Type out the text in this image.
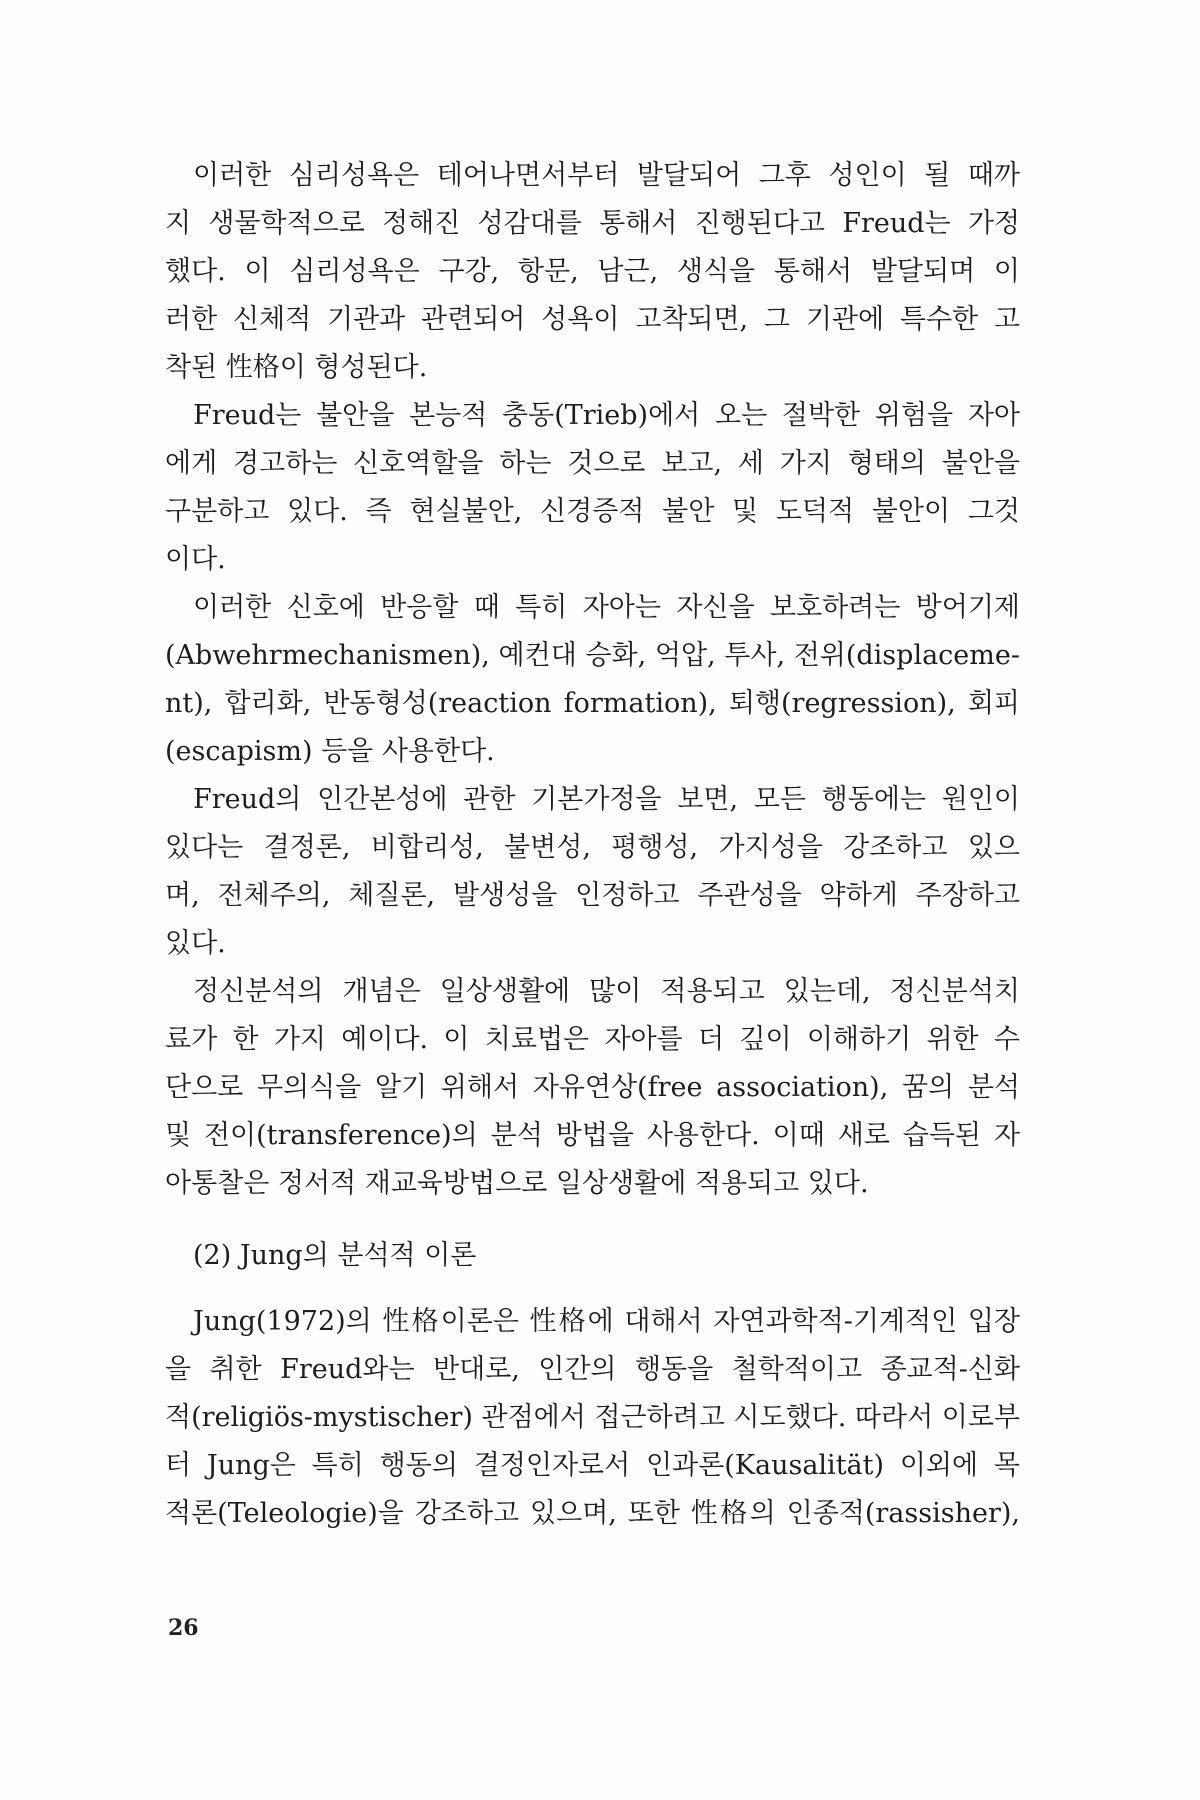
이러한 심리성욕은 테어나면서부터 발달되어 그후 성인이 될 때까
지 생물학적으로 정해진 성감대를 통해서 진행된다고 Freud는 가정
했다. 이 심리성욕은 구강, 항문, 남근, 생식을 통해서 발달되며 이
러한 신체적 기관과 관련되어 성욕이 고착되면, 그 기관에 특수한 고
착된 性格이 형성된다.
Freud는 불안을 본능적 충동(Trieb)에서 오는 절박한 위험을 자아
에게 경고하는 신호역할을 하는 것으로 보고, 세 가지 형태의 불안을
구분하고 있다. 즉 현실불안, 신경증적 불안 및 도덕적 불안이 그것
이다.
이러한 신호에 반응할 때 특히 자아는 자신을 보호하려는 방어기제
(Abwehrmechanismen), 예컨대 승화, 억압, 투사, 전위(displaceme-
nt), 합리화, 반동형성(reaction formation), 퇴행(regression), 회피
(escapism) 등을 사용한다.
Freud의 인간본성에 관한 기본가정을 보면, 모든 행동에는 원인이
있다는 결정론, 비합리성, 불변성, 평행성, 가지성을 강조하고 있으
며, 전체주의, 체질론, 발생성을 인정하고 주관성을 약하게 주장하고
있다.
정신분석의 개념은 일상생활에 많이 적용되고 있는데, 정신분석치
료가 한 가지 예이다. 이 치료법은 자아를 더 깊이 이해하기 위한 수
단으로 무의식을 알기 위해서 자유연상(free association), 꿈의 분석
및 전이(transference)의 분석 방법을 사용한다. 이때 새로 습득된 자
아통찰은 정서적 재교육방법으로 일상생활에 적용되고 있다.
(2) Jung의 분석적 이론
Jung(1972)의 性格이론은 性格에 대해서 자연과학적-기계적인 입장
을 취한 Freud와는 반대로, 인간의 행동을 철학적이고 종교적-신화
적(religiös-mystischer) 관점에서 접근하려고 시도했다. 따라서 이로부
터 Jung은 특히 행동의 결정인자로서 인과론(Kausalität) 이외에 목
적론(Teleologie)을 강조하고 있으며, 또한 性格의 인종적(rassisher),
26
